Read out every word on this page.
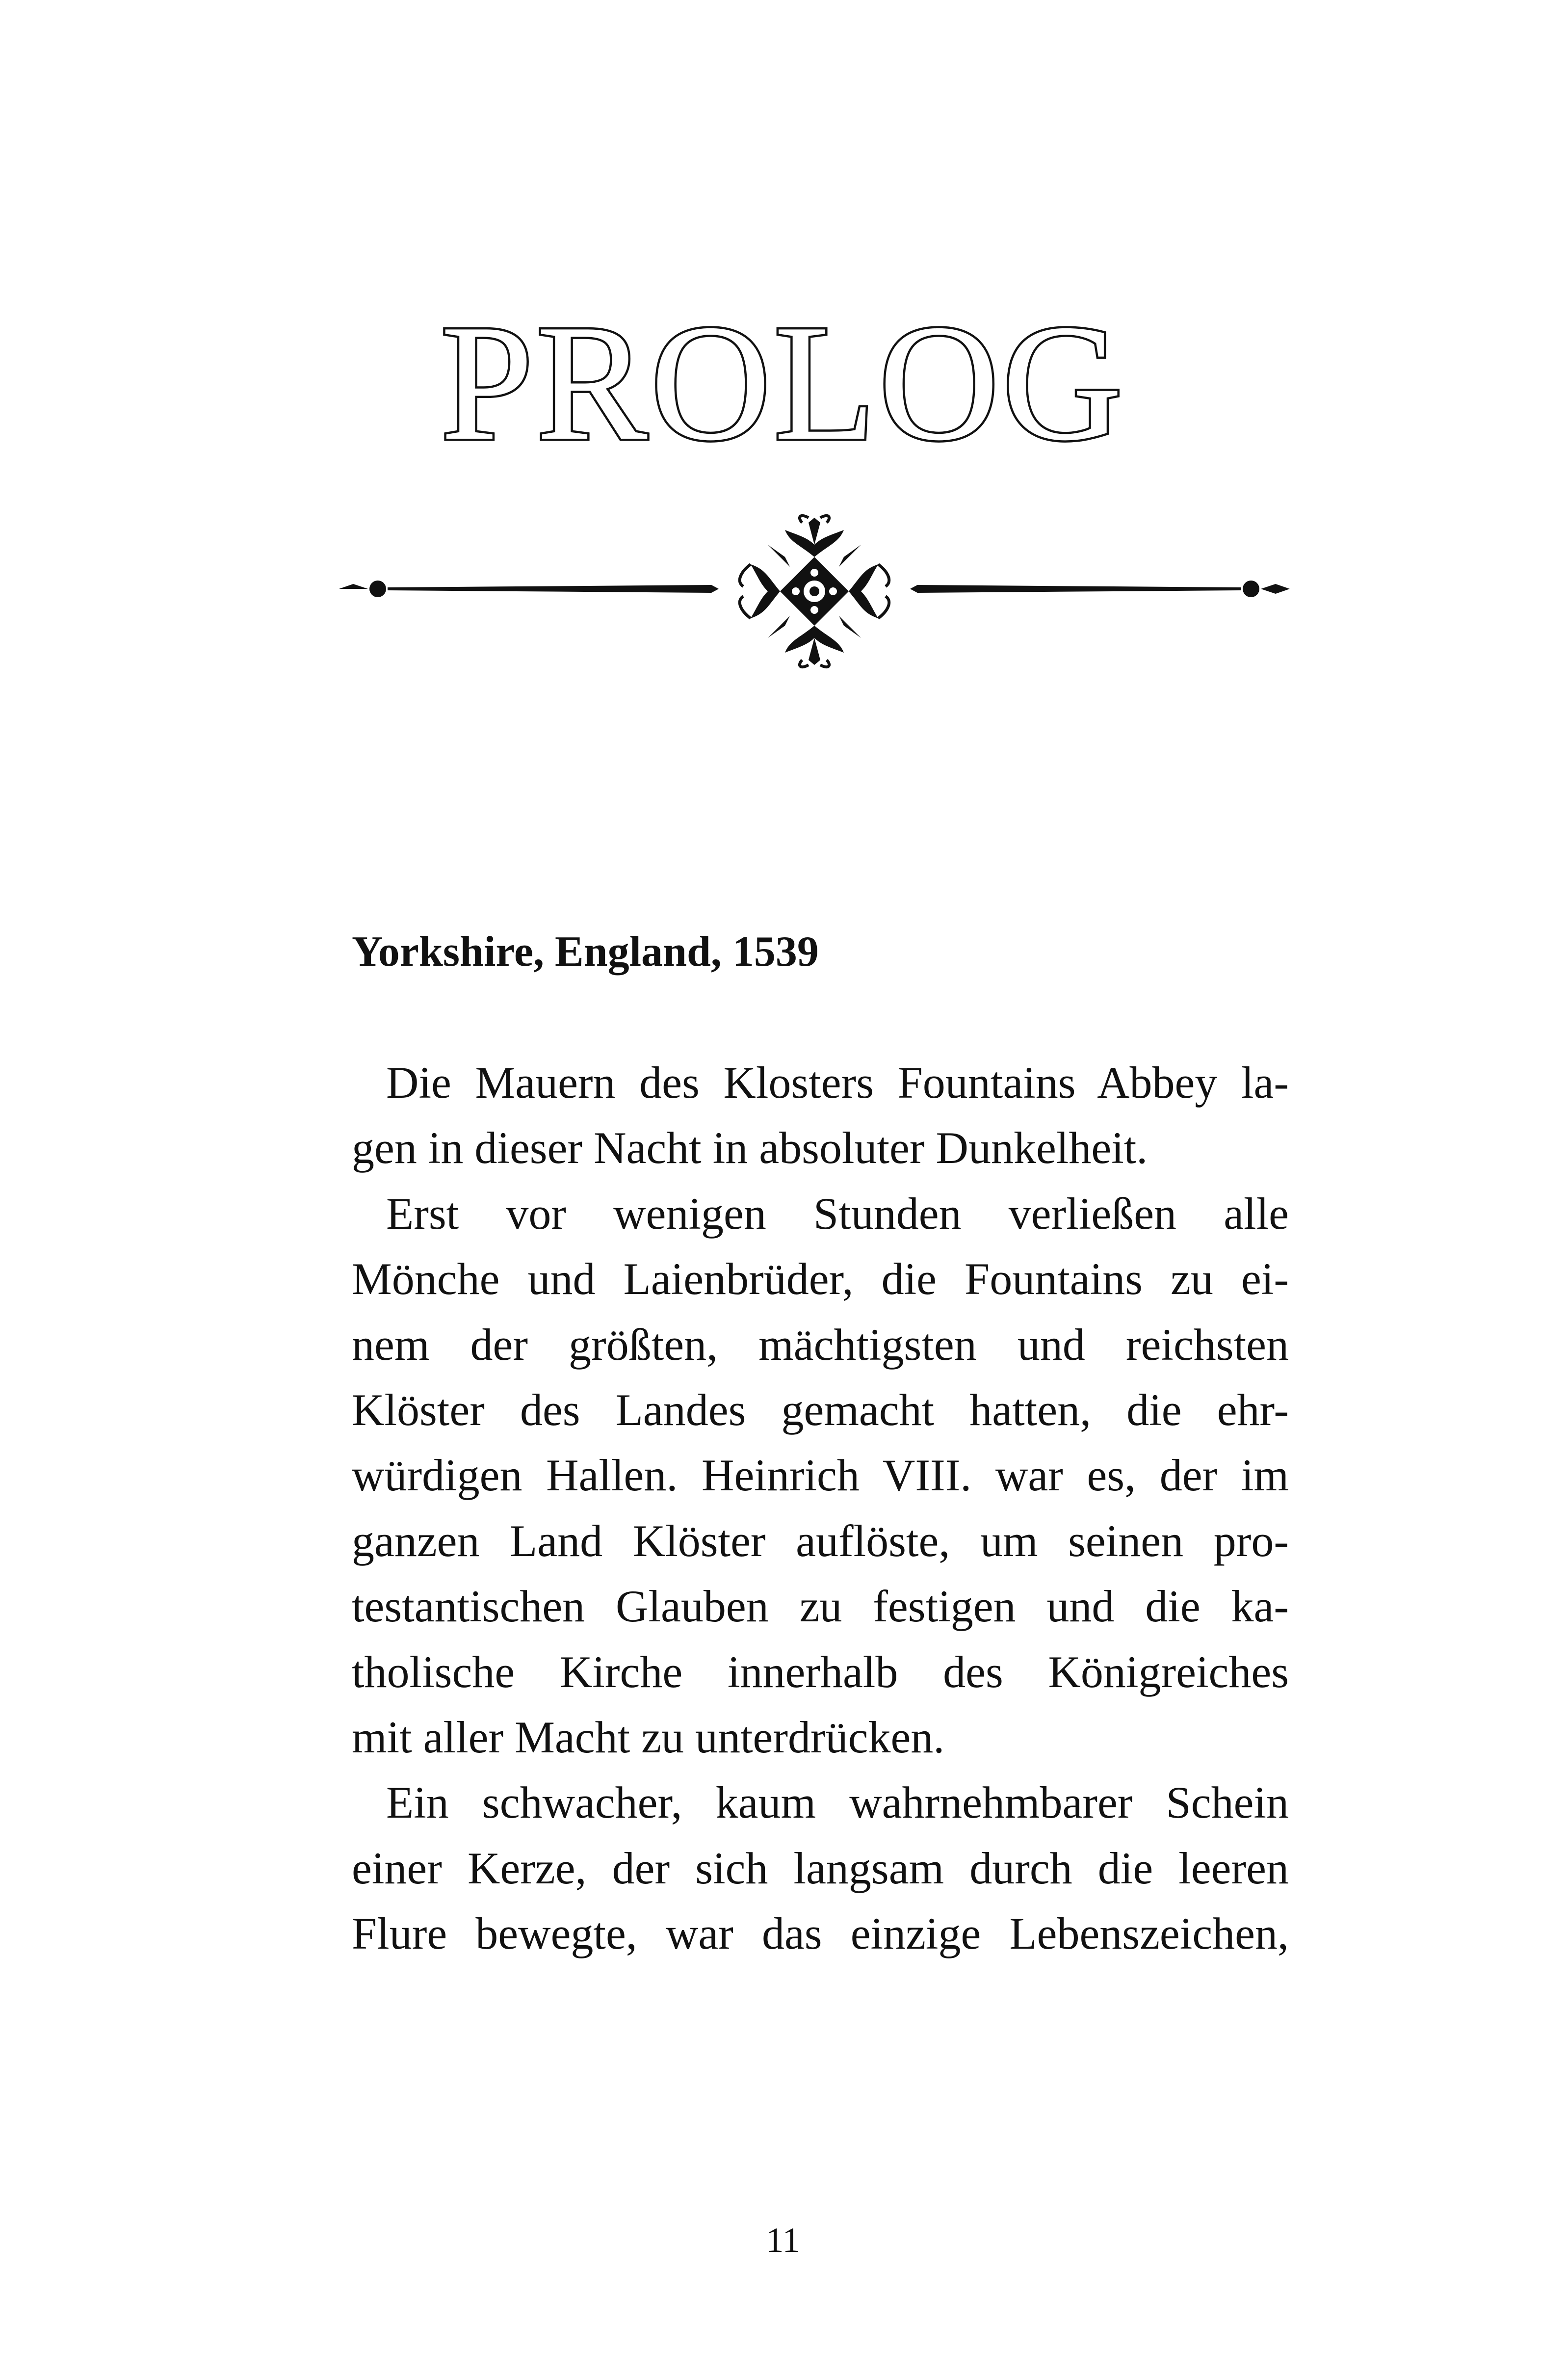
PROLOG
Yorkshire, England, 1539
Die Mauern des Klosters Fountains Abbey la-
gen in dieser Nacht in absoluter Dunkelheit.
Erst vor wenigen Stunden verließen alle
Mönche und Laienbrüder, die Fountains zu ei-
nem der größten, mächtigsten und reichsten
Klöster des Landes gemacht hatten, die ehr-
würdigen Hallen. Heinrich VIII. war es, der im
ganzen Land Klöster auflöste, um seinen pro-
testantischen Glauben zu festigen und die ka-
tholische Kirche innerhalb des Königreiches
mit aller Macht zu unterdrücken.
Ein schwacher, kaum wahrnehmbarer Schein
einer Kerze, der sich langsam durch die leeren
Flure bewegte, war das einzige Lebenszeichen,
11
